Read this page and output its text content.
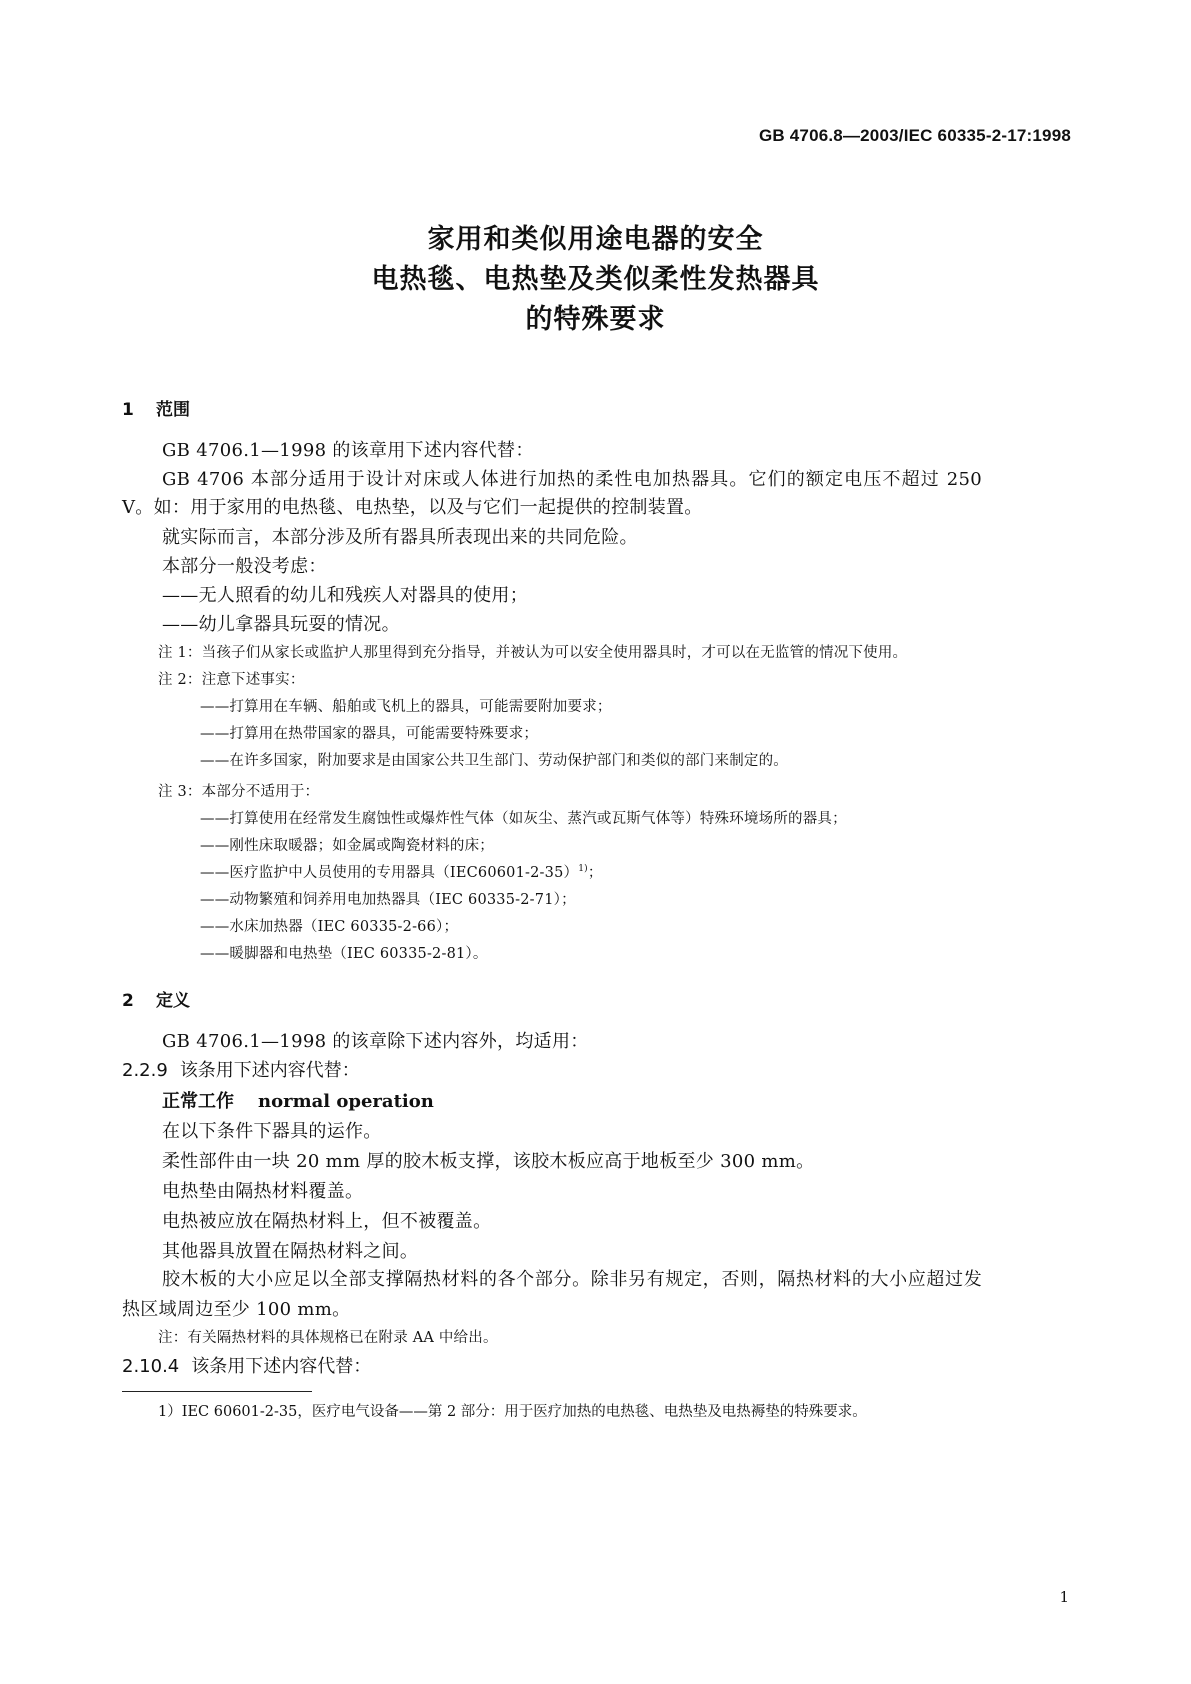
GB 4706.8—2003/IEC 60335-2-17:1998
家用和类似用途电器的安全
电热毯、电热垫及类似柔性发热器具
的特殊要求
1 范围
GB 4706.1—1998 的该章用下述内容代替：
GB 4706 本部分适用于设计对床或人体进行加热的柔性电加热器具。它们的额定电压不超过 250 V。如：用于家用的电热毯、电热垫，以及与它们一起提供的控制装置。
就实际而言，本部分涉及所有器具所表现出来的共同危险。
本部分一般没考虑：
——无人照看的幼儿和残疾人对器具的使用；
——幼儿拿器具玩耍的情况。
注 1：当孩子们从家长或监护人那里得到充分指导，并被认为可以安全使用器具时，才可以在无监管的情况下使用。
注 2：注意下述事实：
——打算用在车辆、船舶或飞机上的器具，可能需要附加要求；
——打算用在热带国家的器具，可能需要特殊要求；
——在许多国家，附加要求是由国家公共卫生部门、劳动保护部门和类似的部门来制定的。
注 3：本部分不适用于：
——打算使用在经常发生腐蚀性或爆炸性气体（如灰尘、蒸汽或瓦斯气体等）特殊环境场所的器具；
——刚性床取暖器；如金属或陶瓷材料的床；
——医疗监护中人员使用的专用器具$(IEC60601-2-35)^{1)}$；
——动物繁殖和饲养用电加热器具（IEC 60335-2-71）；
——水床加热器（IEC 60335-2-66）；
——暖脚器和电热垫（IEC 60335-2-81）。
2 定义
GB 4706.1—1998 的该章除下述内容外，均适用：
2.2.9 该条用下述内容代替：
正常工作 normal operation
在以下条件下器具的运作。
柔性部件由一块 20 mm 厚的胶木板支撑，该胶木板应高于地板至少 300 mm。
电热垫由隔热材料覆盖。
电热被应放在隔热材料上，但不被覆盖。
其他器具放置在隔热材料之间。
胶木板的大小应足以全部支撑隔热材料的各个部分。除非另有规定，否则，隔热材料的大小应超过发热区域周边至少 100 mm。
注：有关隔热材料的具体规格已在附录 AA 中给出。
2.10.4 该条用下述内容代替：
1）IEC 60601-2-35，医疗电气设备——第 2 部分：用于医疗加热的电热毯、电热垫及电热褥垫的特殊要求。
1
